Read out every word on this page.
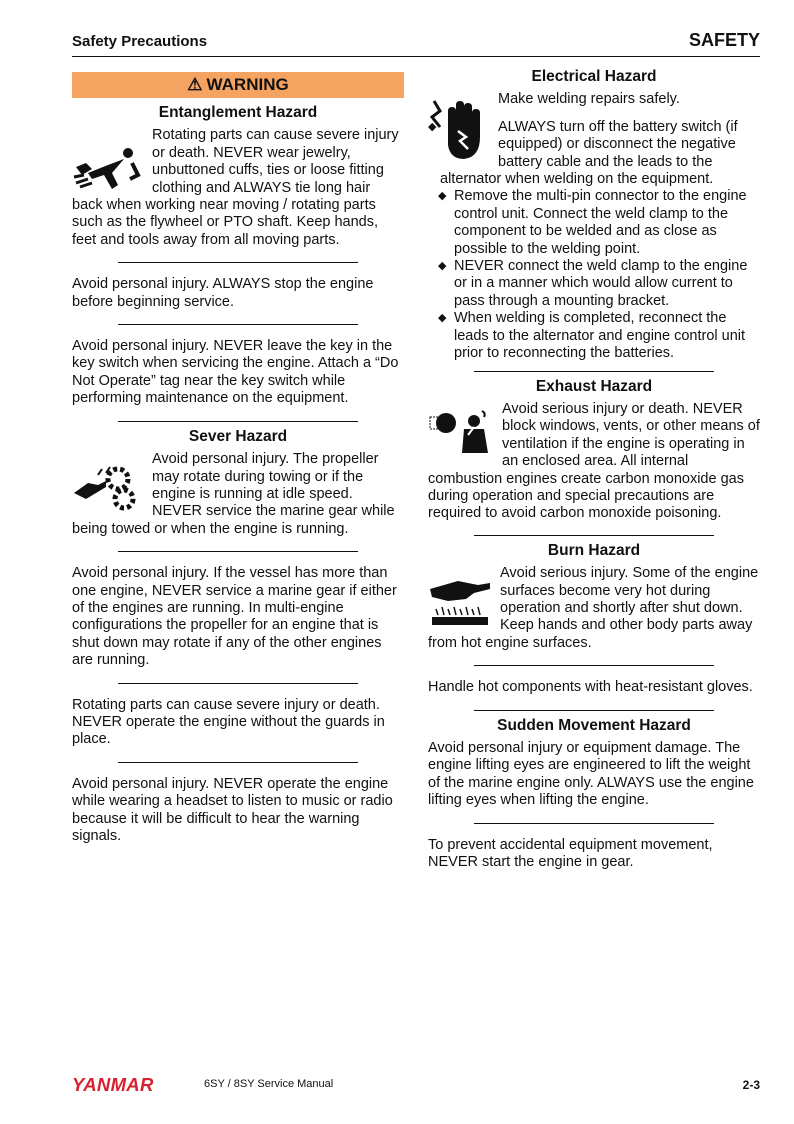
Safety Precautions	SAFETY
⚠ WARNING
Entanglement Hazard

Rotating parts can cause severe injury or death. NEVER wear jewelry, unbuttoned cuffs, ties or loose fitting clothing and ALWAYS tie long hair back when working near moving / rotating parts such as the flywheel or PTO shaft. Keep hands, feet and tools away from all moving parts.

Avoid personal injury. ALWAYS stop the engine before beginning service.

Avoid personal injury. NEVER leave the key in the key switch when servicing the engine. Attach a “Do Not Operate” tag near the key switch while performing maintenance on the equipment.

Sever Hazard

Avoid personal injury. The propeller may rotate during towing or if the engine is running at idle speed. NEVER service the marine gear while being towed or when the engine is running.

Avoid personal injury. If the vessel has more than one engine, NEVER service a marine gear if either of the engines are running. In multi-engine configurations the propeller for an engine that is shut down may rotate if any of the other engines are running.

Rotating parts can cause severe injury or death. NEVER operate the engine without the guards in place.

Avoid personal injury. NEVER operate the engine while wearing a headset to listen to music or radio because it will be difficult to hear the warning signals.

Electrical Hazard
Make welding repairs safely.
◆	ALWAYS turn off the battery switch (if equipped) or disconnect the negative battery cable and the leads to the alternator when welding on the equipment.
◆ Remove the multi-pin connector to the engine control unit. Connect the weld clamp to the component to be welded and as close as possible to the welding point.
◆ NEVER connect the weld clamp to the engine or in a manner which would allow current to pass through a mounting bracket.
◆ When welding is completed, reconnect the leads to the alternator and engine control unit prior to reconnecting the batteries.
Exhaust Hazard

Avoid serious injury or death. NEVER block windows, vents, or other means of ventilation if the engine is operating in an enclosed area. All internal combustion engines create carbon monoxide gas during operation and special precautions are required to avoid carbon monoxide poisoning.

Burn Hazard

Avoid serious injury. Some of the engine surfaces become very hot during operation and shortly after shut down. Keep hands and other body parts away from hot engine surfaces.

Handle hot components with heat-resistant gloves.

Sudden Movement Hazard

Avoid personal injury or equipment damage. The engine lifting eyes are engineered to lift the weight of the marine engine only. ALWAYS use the engine lifting eyes when lifting the engine.

To prevent accidental equipment movement, NEVER start the engine in gear.

YANMAR	6SY / 8SY Service Manual	2-3
